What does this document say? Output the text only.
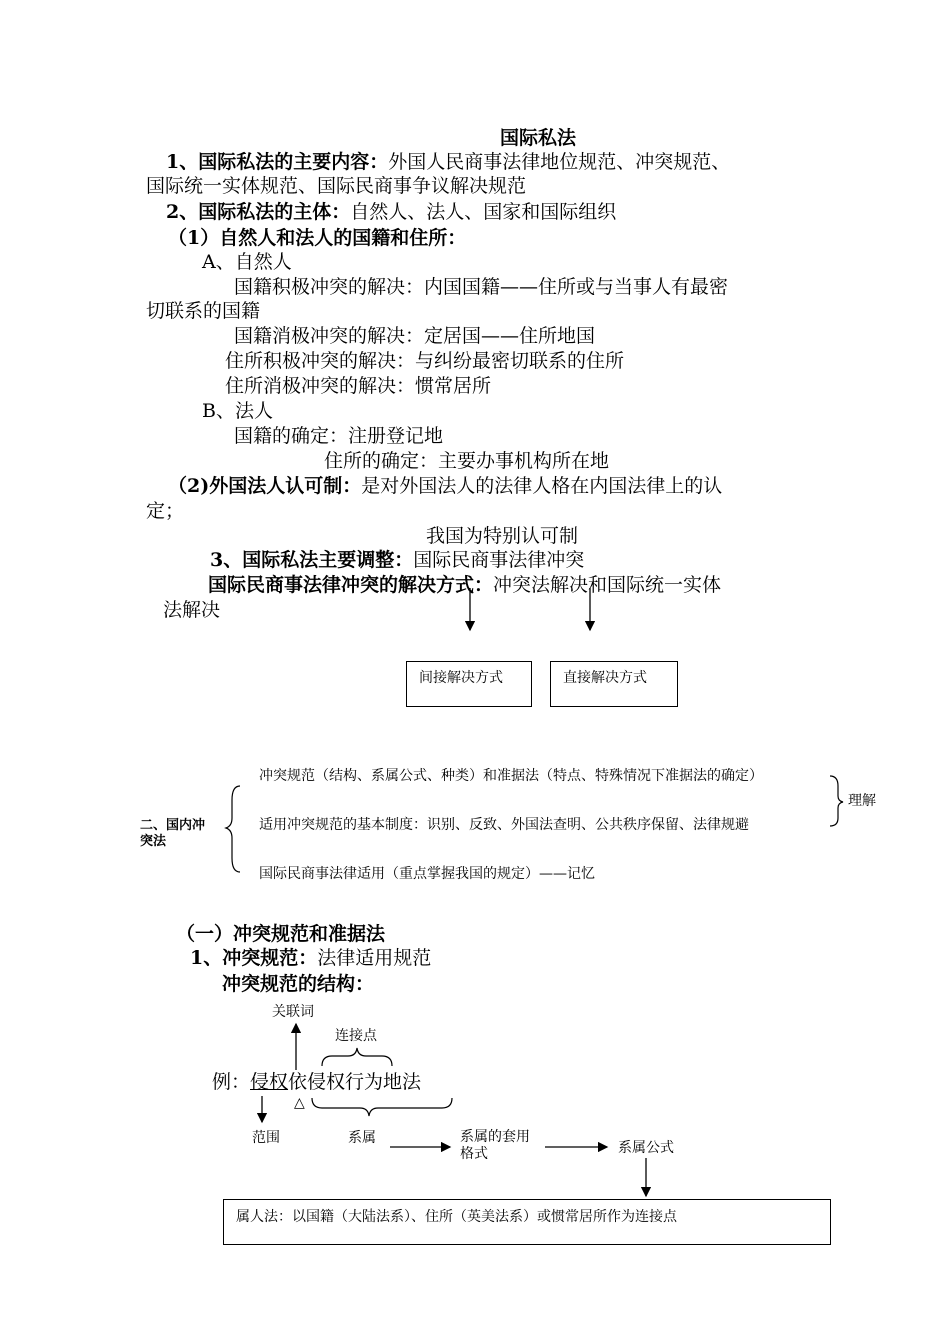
国际私法
1、国际私法的主要内容：外国人民商事法律地位规范、冲突规范、
国际统一实体规范、国际民商事争议解决规范
2、国际私法的主体：自然人、法人、国家和国际组织
（1）自然人和法人的国籍和住所：
A、自然人
国籍积极冲突的解决：内国国籍——住所或与当事人有最密
切联系的国籍
国籍消极冲突的解决：定居国——住所地国
住所积极冲突的解决：与纠纷最密切联系的住所
住所消极冲突的解决：惯常居所
B、法人
国籍的确定：注册登记地
住所的确定：主要办事机构所在地
（2)外国法人认可制：是对外国法人的法律人格在内国法律上的认
定；
我国为特别认可制
3、国际私法主要调整：国际民商事法律冲突
国际民商事法律冲突的解决方式：冲突法解决和国际统一实体
法解决
间接解决方式	直接解决方式
二、国内冲
突法
冲突规范（结构、系属公式、种类）和准据法（特点、特殊情况下准据法的确定）
适用冲突规范的基本制度：识别、反致、外国法查明、公共秩序保留、法律规避
国际民商事法律适用（重点掌握我国的规定）——记忆
理解
（一）冲突规范和准据法
1、冲突规范：法律适用规范
冲突规范的结构：
关联词
连接点
例：侵权依侵权行为地法
△
范围	系属	系属的套用
格式	系属公式
属人法：以国籍（大陆法系）、住所（英美法系）或惯常居所作为连接点
